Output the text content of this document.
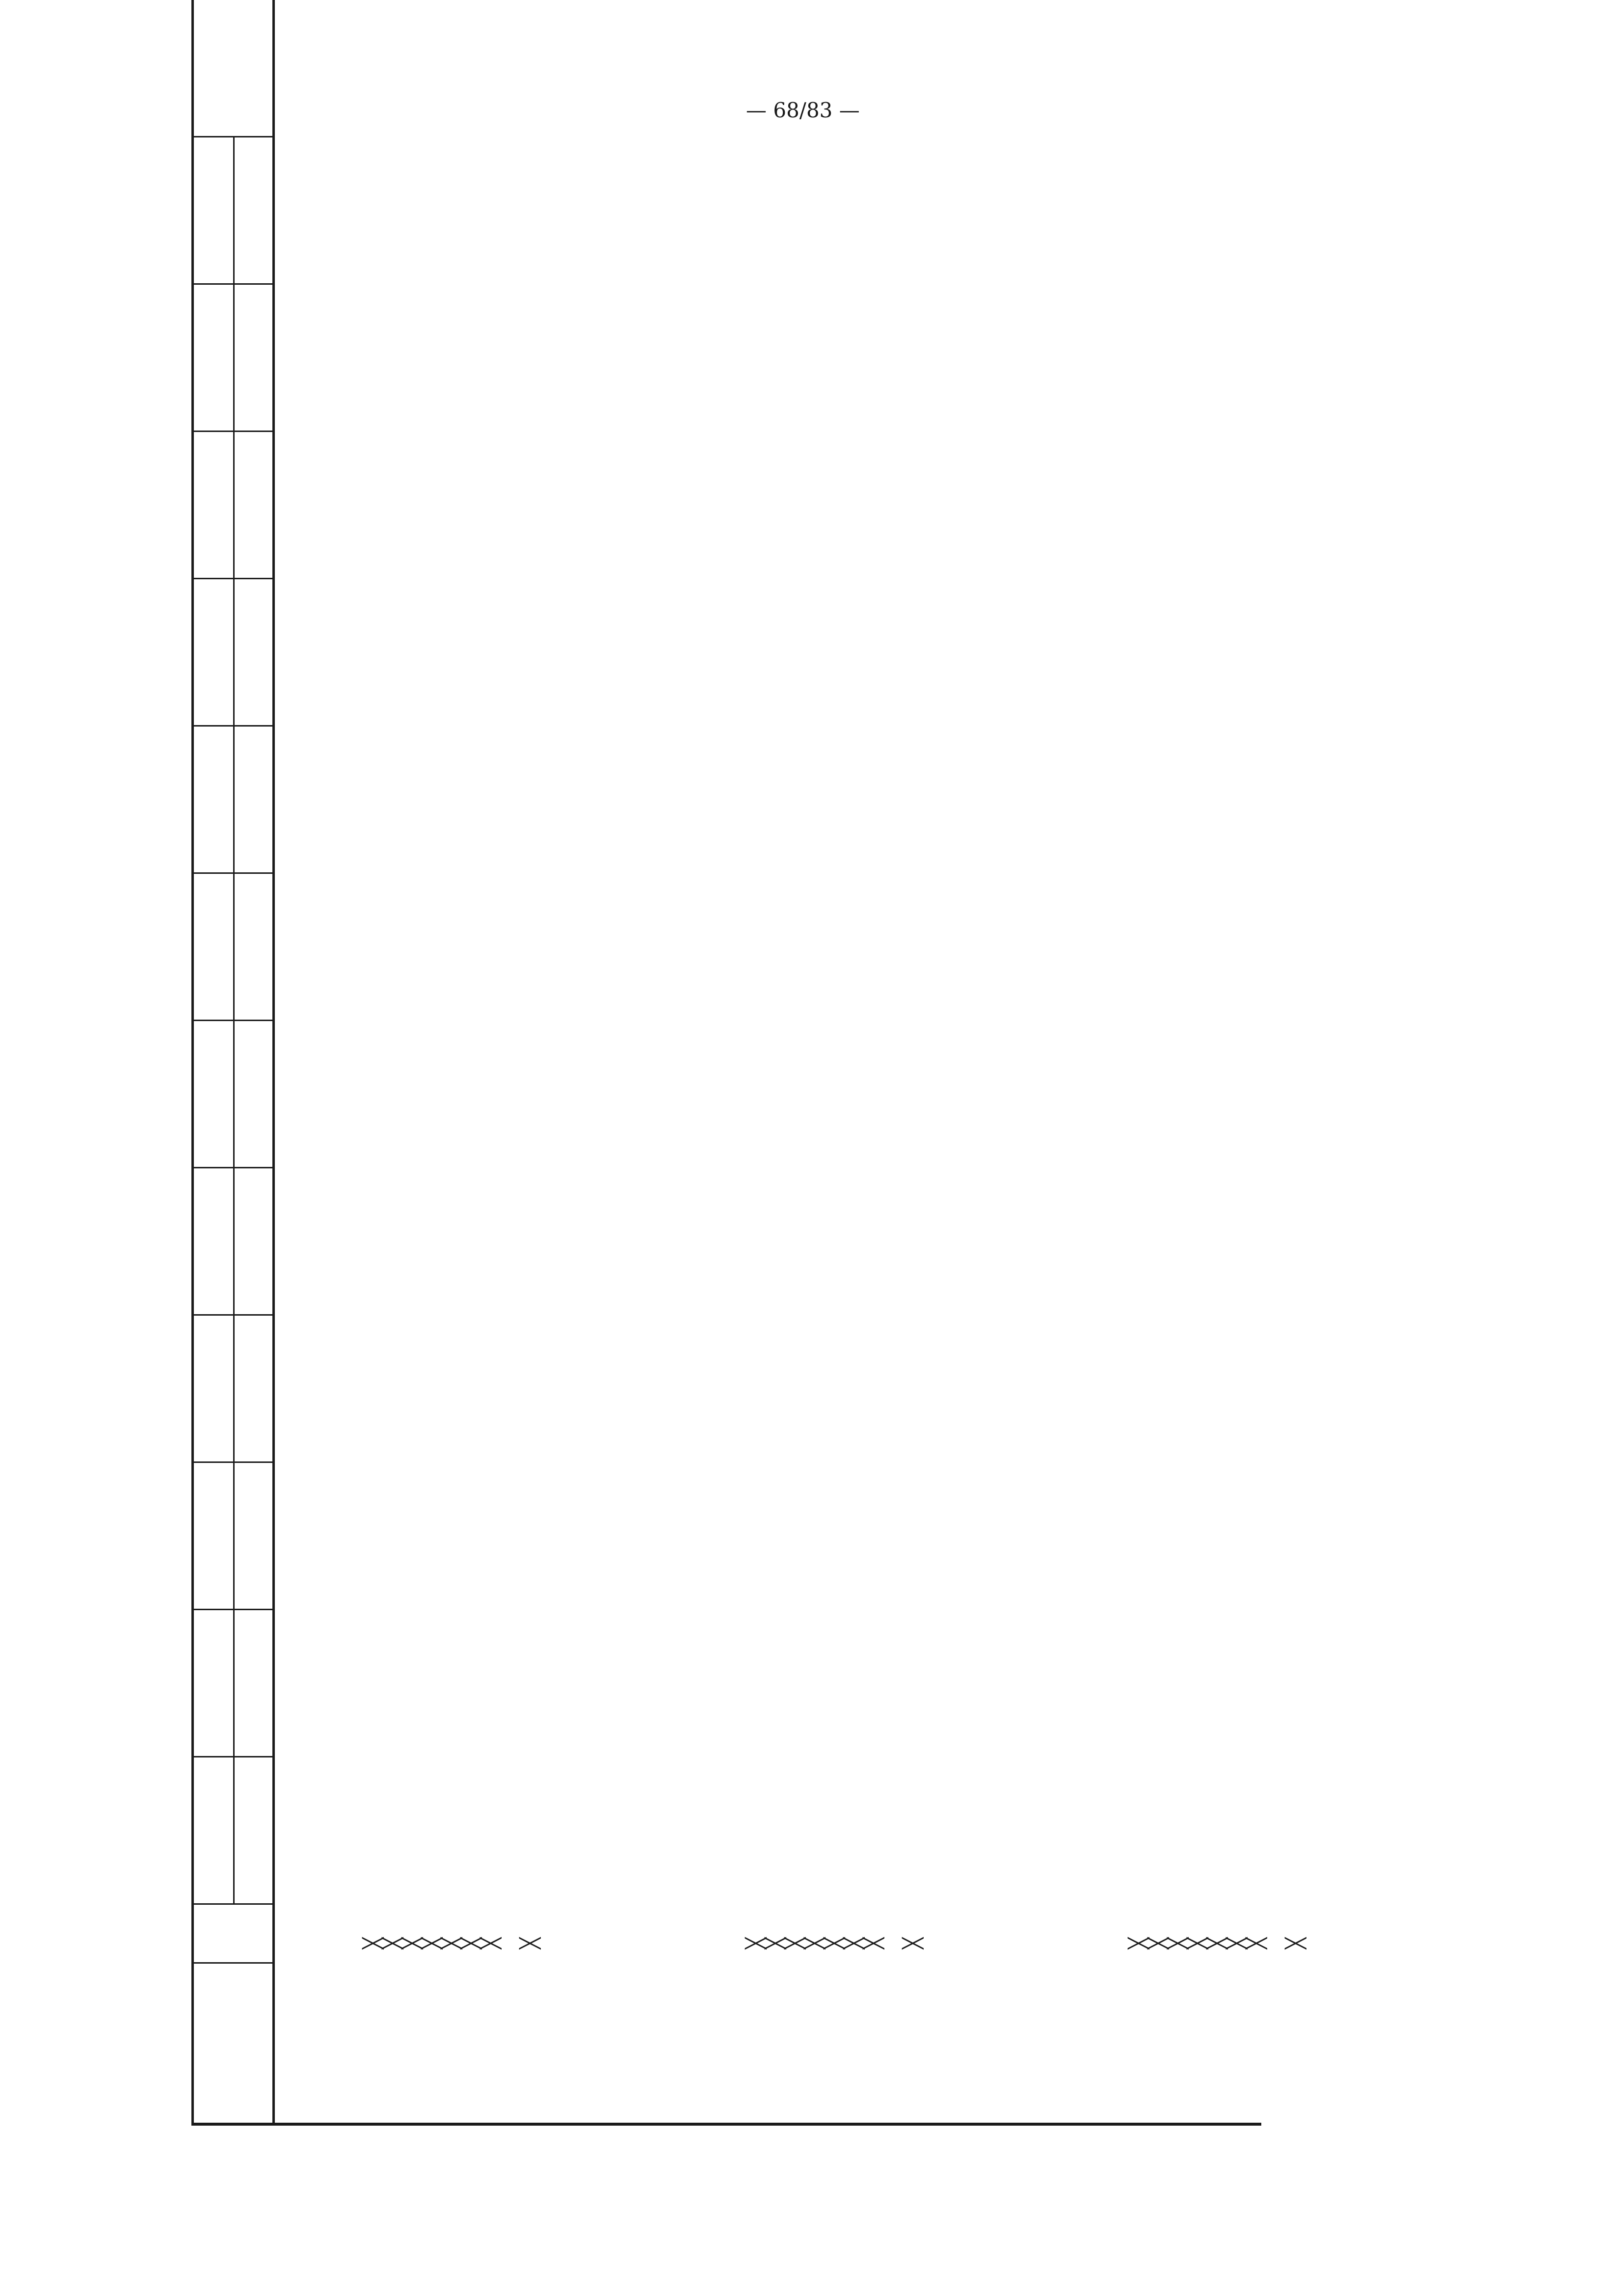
— 68/83 —
╳
╳
╳
╳
╳
╳
╳ ╳	╳
╳
╳
╳
╳
╳
╳ ╳	╳
╳
╳
╳
╳
╳
╳ ╳
